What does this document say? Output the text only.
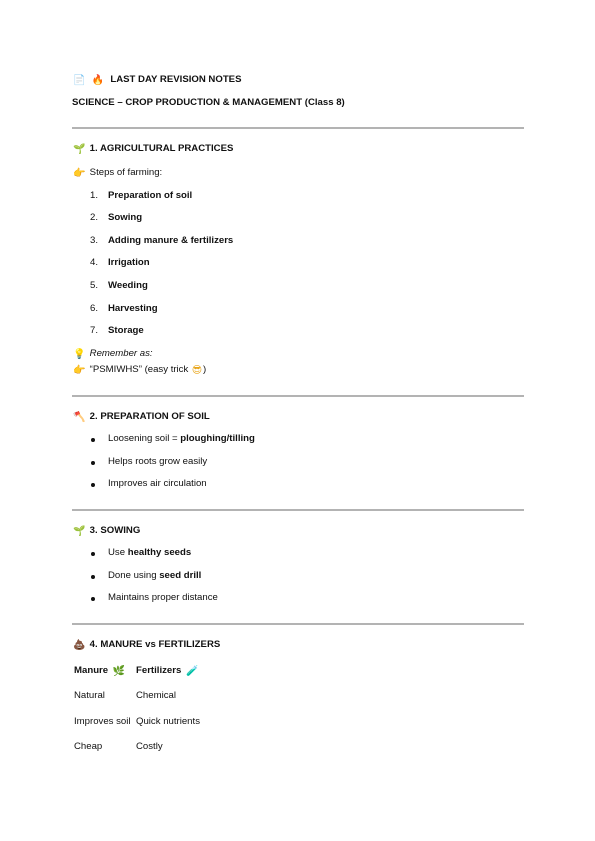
📄 🔥 LAST DAY REVISION NOTES
SCIENCE – CROP PRODUCTION & MANAGEMENT (Class 8)
🌱 1. AGRICULTURAL PRACTICES
👉 Steps of farming:
1. Preparation of soil
2. Sowing
3. Adding manure & fertilizers
4. Irrigation
5. Weeding
6. Harvesting
7. Storage
💡 Remember as:
👉 “PSMIWHS” (easy trick 😎)
🪓 2. PREPARATION OF SOIL
Loosening soil = ploughing/tilling
Helps roots grow easily
Improves air circulation
🌱 3. SOWING
Use healthy seeds
Done using seed drill
Maintains proper distance
💩 4. MANURE vs FERTILIZERS
Manure 🌿 Fertilizers 🧪
Natural	Chemical
Improves soil Quick nutrients
Cheap	Costly
